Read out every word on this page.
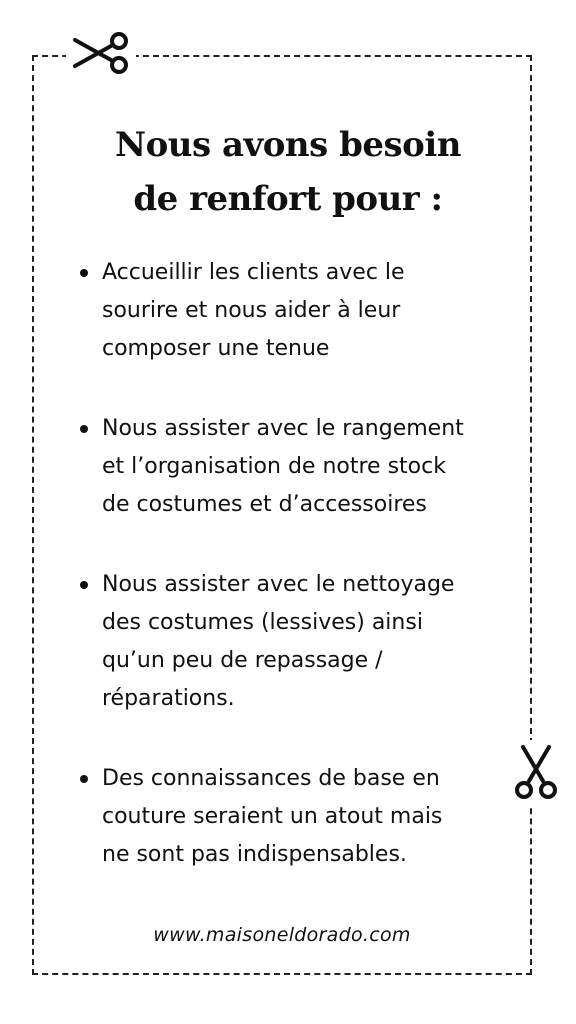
Nous avons besoin
de renfort pour :
Accueillir les clients avec le
sourire et nous aider à leur
composer une tenue
Nous assister avec le rangement
et l’organisation de notre stock
de costumes et d’accessoires
Nous assister avec le nettoyage
des costumes (lessives) ainsi
qu’un peu de repassage /
réparations.
Des connaissances de base en
couture seraient un atout mais
ne sont pas indispensables.
www.maisoneldorado.com
